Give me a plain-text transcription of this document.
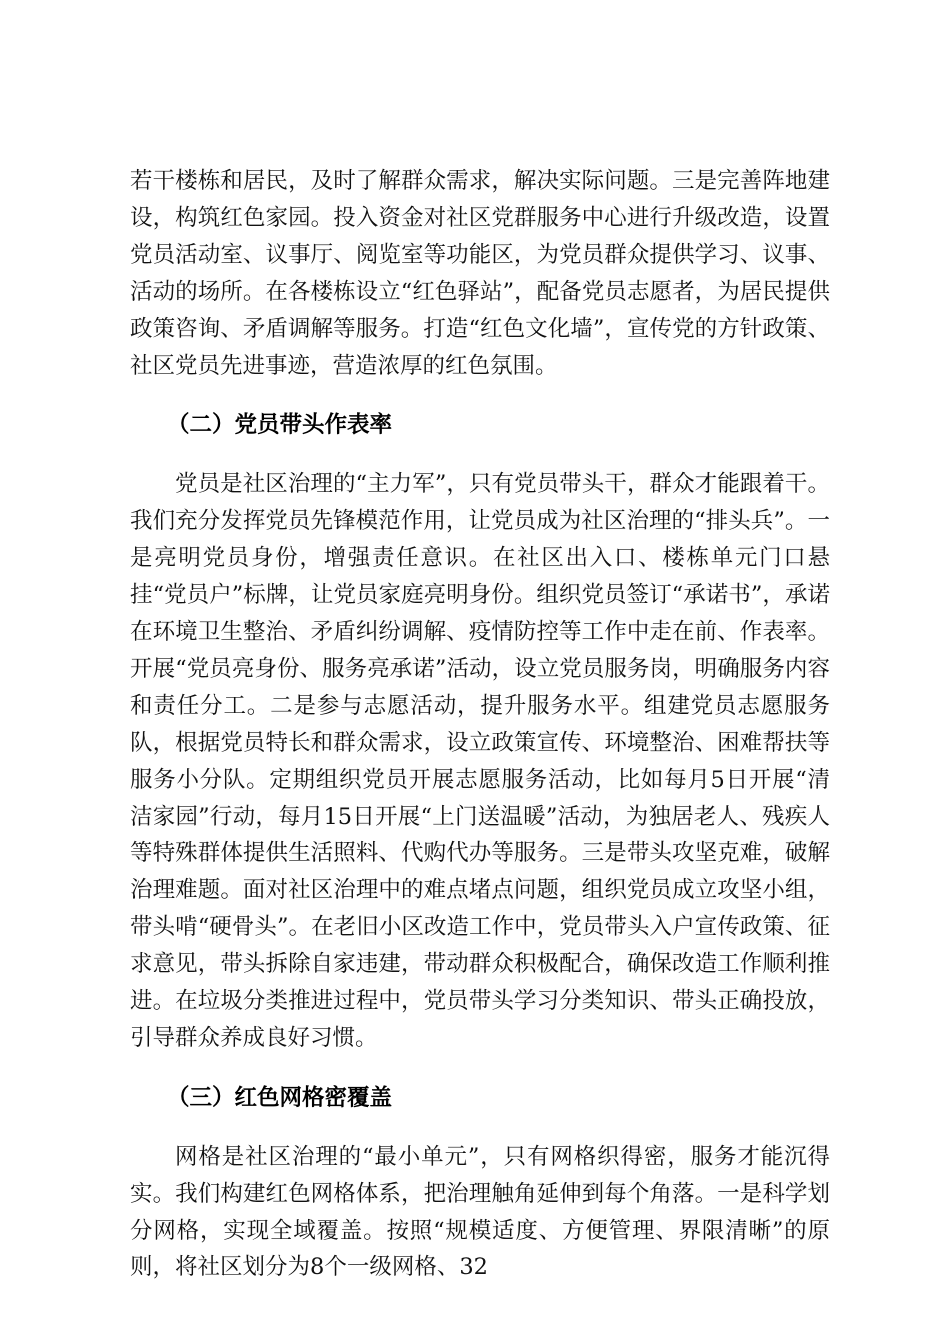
若干楼栋和居民，及时了解群众需求，解决实际问题。三是完善阵地建设，构筑红色家园。投入资金对社区党群服务中心进行升级改造，设置党员活动室、议事厅、阅览室等功能区，为党员群众提供学习、议事、活动的场所。在各楼栋设立“红色驿站”，配备党员志愿者，为居民提供政策咨询、矛盾调解等服务。打造“红色文化墙”，宣传党的方针政策、社区党员先进事迹，营造浓厚的红色氛围。

（二）党员带头作表率

党员是社区治理的“主力军”，只有党员带头干，群众才能跟着干。我们充分发挥党员先锋模范作用，让党员成为社区治理的“排头兵”。一是亮明党员身份，增强责任意识。在社区出入口、楼栋单元门口悬挂“党员户”标牌，让党员家庭亮明身份。组织党员签订“承诺书”，承诺在环境卫生整治、矛盾纠纷调解、疫情防控等工作中走在前、作表率。开展“党员亮身份、服务亮承诺”活动，设立党员服务岗，明确服务内容和责任分工。二是参与志愿活动，提升服务水平。组建党员志愿服务队，根据党员特长和群众需求，设立政策宣传、环境整治、困难帮扶等服务小分队。定期组织党员开展志愿服务活动，比如每月5日开展“清洁家园”行动，每月15日开展“上门送温暖”活动，为独居老人、残疾人等特殊群体提供生活照料、代购代办等服务。三是带头攻坚克难，破解治理难题。面对社区治理中的难点堵点问题，组织党员成立攻坚小组，带头啃“硬骨头”。在老旧小区改造工作中，党员带头入户宣传政策、征求意见，带头拆除自家违建，带动群众积极配合，确保改造工作顺利推进。在垃圾分类推进过程中，党员带头学习分类知识、带头正确投放，引导群众养成良好习惯。

（三）红色网格密覆盖

网格是社区治理的“最小单元”，只有网格织得密，服务才能沉得实。我们构建红色网格体系，把治理触角延伸到每个角落。一是科学划分网格，实现全域覆盖。按照“规模适度、方便管理、界限清晰”的原则，将社区划分为8个一级网格、32
